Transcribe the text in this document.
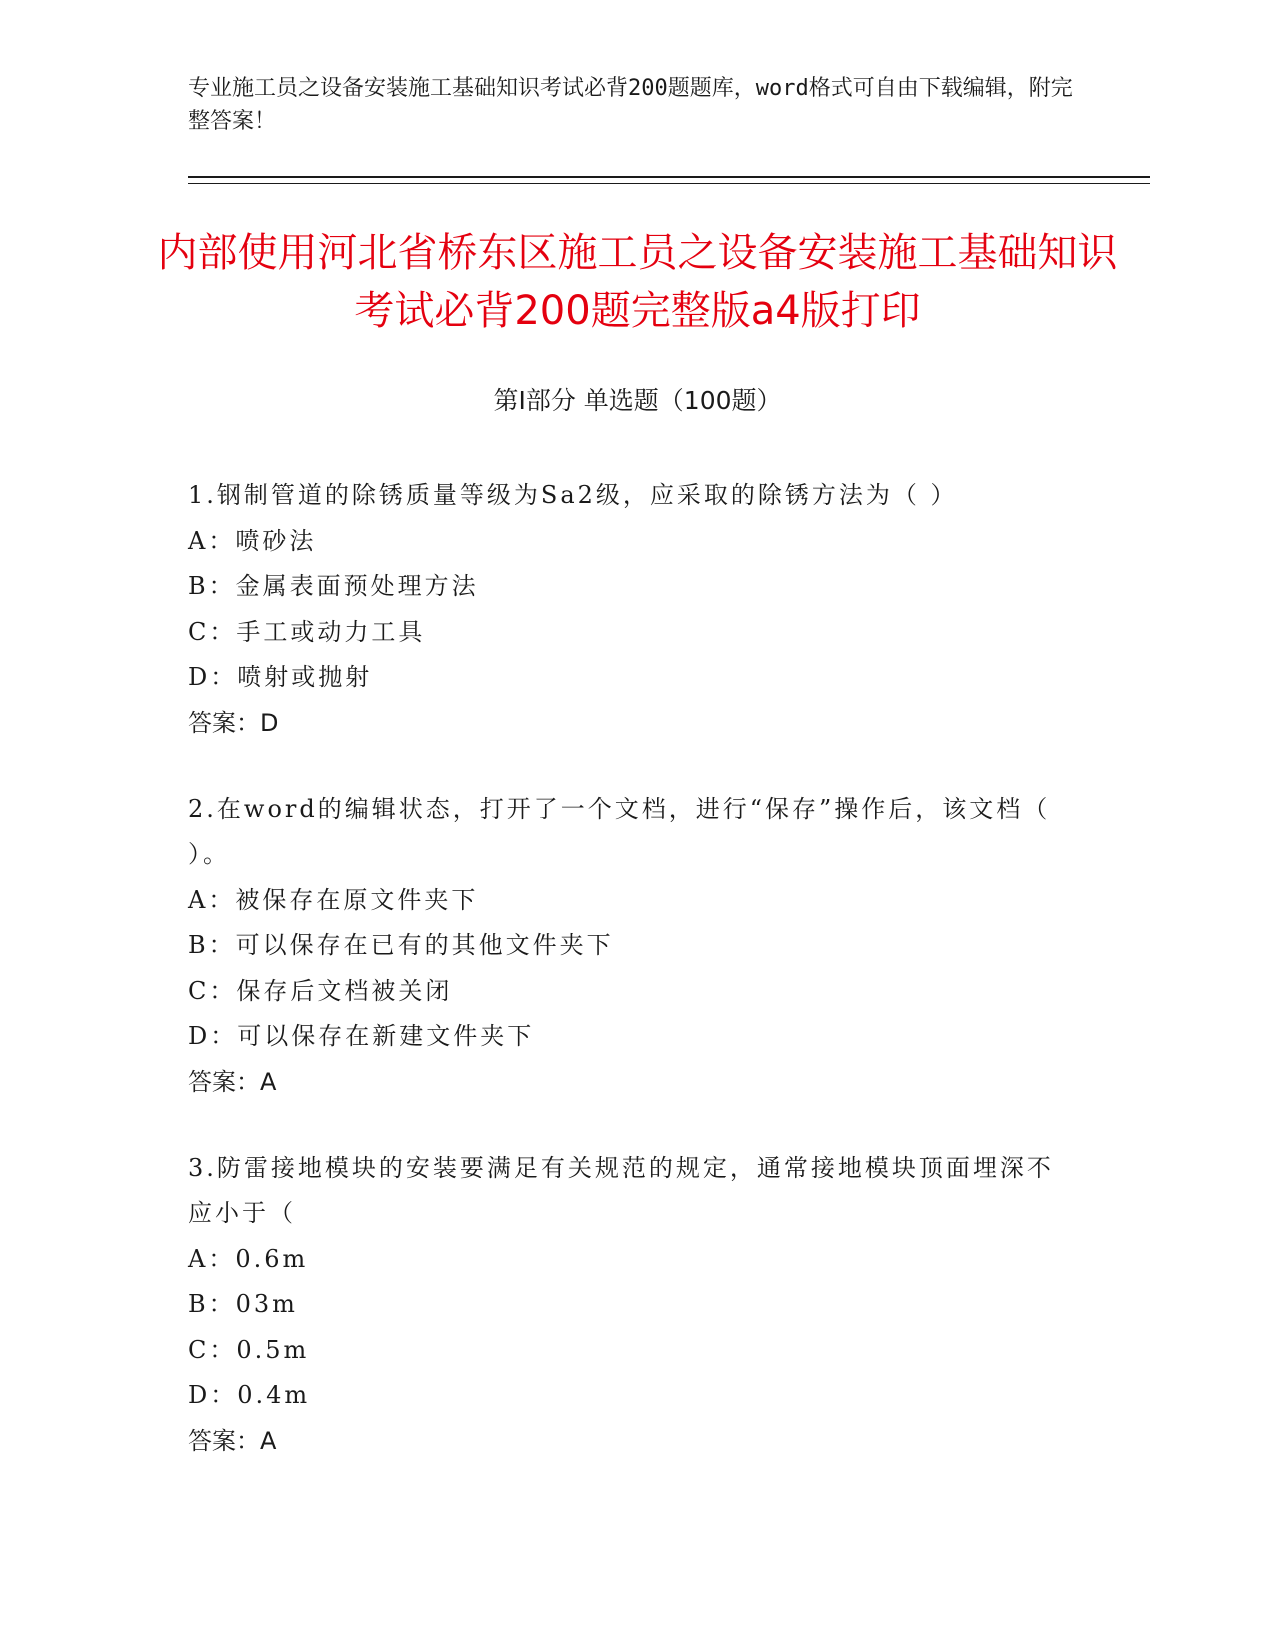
专业施工员之设备安装施工基础知识考试必背200题题库，word格式可自由下载编辑，附完整答案！
内部使用河北省桥东区施工员之设备安装施工基础知识考试必背200题完整版a4版打印
第I部分 单选题（100题）

1.钢制管道的除锈质量等级为Sa2级，应采取的除锈方法为（ ）

A：喷砂法
B：金属表面预处理方法
C：手工或动力工具
D：喷射或抛射
答案：D

2.在word的编辑状态，打开了一个文档，进行“保存”操作后，该文档（ ）。

A：被保存在原文件夹下
B：可以保存在已有的其他文件夹下
C：保存后文档被关闭
D：可以保存在新建文件夹下
答案：A

3.防雷接地模块的安装要满足有关规范的规定，通常接地模块顶面埋深不应小于（

A：0.6m
B：03m
C：0.5m
D：0.4m
答案：A
